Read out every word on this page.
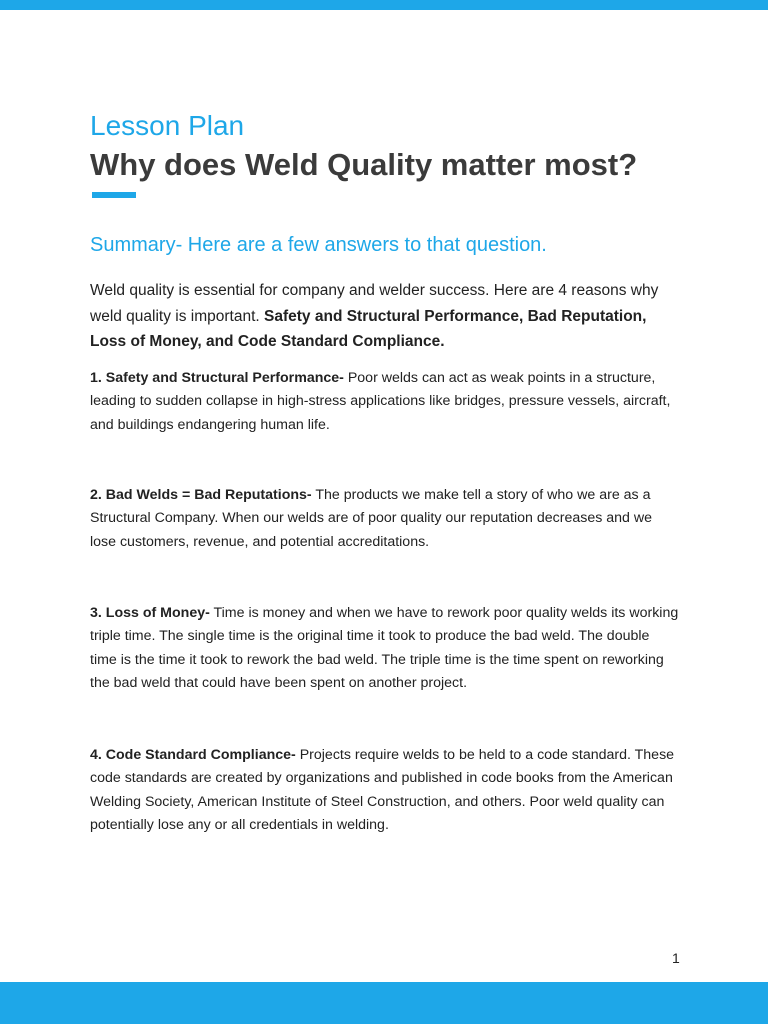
Lesson Plan
Why does Weld Quality matter most?
Summary- Here are a few answers to that question.

Weld quality is essential for company and welder success. Here are 4 reasons why weld quality is important. Safety and Structural Performance, Bad Reputation, Loss of Money, and Code Standard Compliance.

1. Safety and Structural Performance- Poor welds can act as weak points in a structure, leading to sudden collapse in high-stress applications like bridges, pressure vessels, aircraft, and buildings endangering human life.

2. Bad Welds = Bad Reputations- The products we make tell a story of who we are as a Structural Company. When our welds are of poor quality our reputation decreases and we lose customers, revenue, and potential accreditations.

3. Loss of Money- Time is money and when we have to rework poor quality welds its working triple time. The single time is the original time it took to produce the bad weld. The double time is the time it took to rework the bad weld. The triple time is the time spent on reworking the bad weld that could have been spent on another project.

4. Code Standard Compliance- Projects require welds to be held to a code standard. These code standards are created by organizations and published in code books from the American Welding Society, American Institute of Steel Construction, and others. Poor weld quality can potentially lose any or all credentials in welding.

1
